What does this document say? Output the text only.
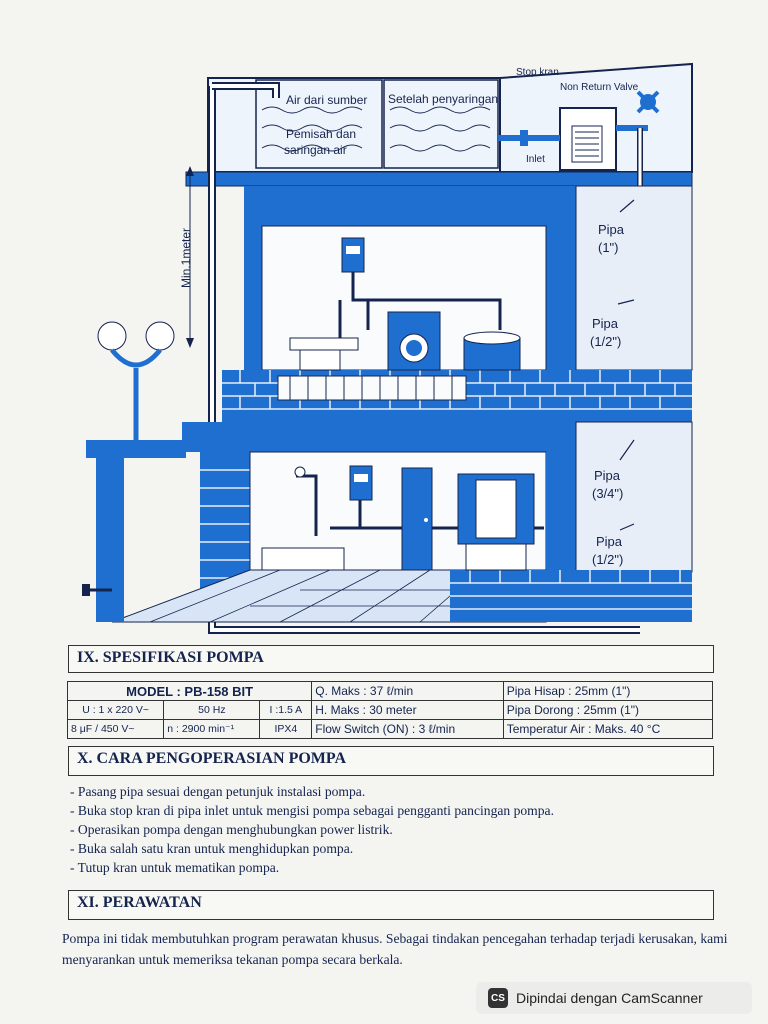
Air dari sumber Setelah penyaringan
Pemisah dan
saringan air
Stop kran
Non Return Valve
Inlet
Min.1meter	Pipa
(1")
Pipa
(1/2")
Pipa
(3/4")
Pipa
(1/2")
IX. SPESIFIKASI POMPA
MODEL : PB-158 BIT			Q. Maks : 37 ℓ/min	Pipa Hisap : 25mm (1")
U : 1 x 220 V~	50 Hz	I :1.5 A	H. Maks : 30 meter	Pipa Dorong : 25mm (1")
8 μF / 450 V~	n : 2900 min⁻¹	IPX4	Flow Switch (ON) : 3 ℓ/min	Temperatur Air : Maks. 40 °C
X. CARA PENGOPERASIAN POMPA
- Pasang pipa sesuai dengan petunjuk instalasi pompa.
- Buka stop kran di pipa inlet untuk mengisi pompa sebagai pengganti pancingan pompa.
- Operasikan pompa dengan menghubungkan power listrik.
- Buka salah satu kran untuk menghidupkan pompa.
- Tutup kran untuk mematikan pompa.
XI. PERAWATAN

Pompa ini tidak membutuhkan program perawatan khusus. Sebagai tindakan pencegahan terhadap terjadi kerusakan, kami menyarankan untuk memeriksa tekanan pompa secara berkala.

CS Dipindai dengan CamScanner
